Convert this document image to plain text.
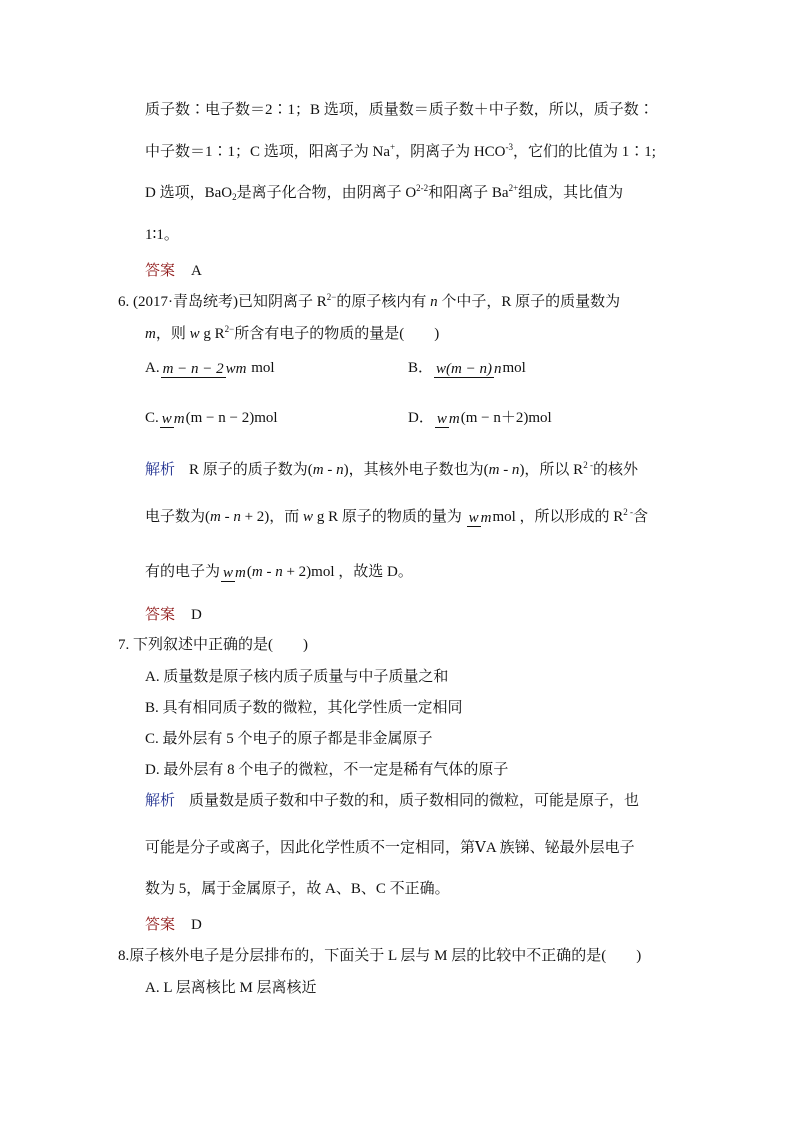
质子数∶电子数＝2∶1；B 选项，质量数＝质子数＋中子数，所以，质子数∶
中子数＝1∶1；C 选项，阳离子为 Na+，阴离子为 $HCO^{-3}$，它们的比值为 1∶1;
D 选项，BaO$_2$是离子化合物，由阴离子 $O^{2-2}$和阳离子 $Ba^{2+}$组成，其比值为
1∶1。
答案 A
6. (2017·青岛统考)已知阴离子 $R^{2-}$的原子核内有 n 个中子，R 原子的质量数为
m，则 w g $R^{2-}$所含有电子的物质的量是(　　)
A. m − n − 2 wm mol	B． w(m − n) nmol
C. w m(m − n − 2)mol	D． w m(m − n＋2)mol
解析 R 原子的质子数为(m - n)，其核外电子数也为(m - n)，所以 $R^{2 -}$的核外
电子数为(m - n + 2)，而 w g R 原子的物质的量为 w mmol ，所以形成的 $R^{2 -}$含
有的电子为 w m(m - n + 2)mol ，故选 D。
答案 D
7. 下列叙述中正确的是(　　)
A. 质量数是原子核内质子质量与中子质量之和
B. 具有相同质子数的微粒，其化学性质一定相同
C. 最外层有 5 个电子的原子都是非金属原子
D. 最外层有 8 个电子的微粒，不一定是稀有气体的原子
解析 质量数是质子数和中子数的和，质子数相同的微粒，可能是原子，也
可能是分子或离子，因此化学性质不一定相同，第ⅤA 族锑、铋最外层电子
数为 5，属于金属原子，故 A、B、C 不正确。
答案 D
8.原子核外电子是分层排布的，下面关于 L 层与 M 层的比较中不正确的是(　　)
A. L 层离核比 M 层离核近
